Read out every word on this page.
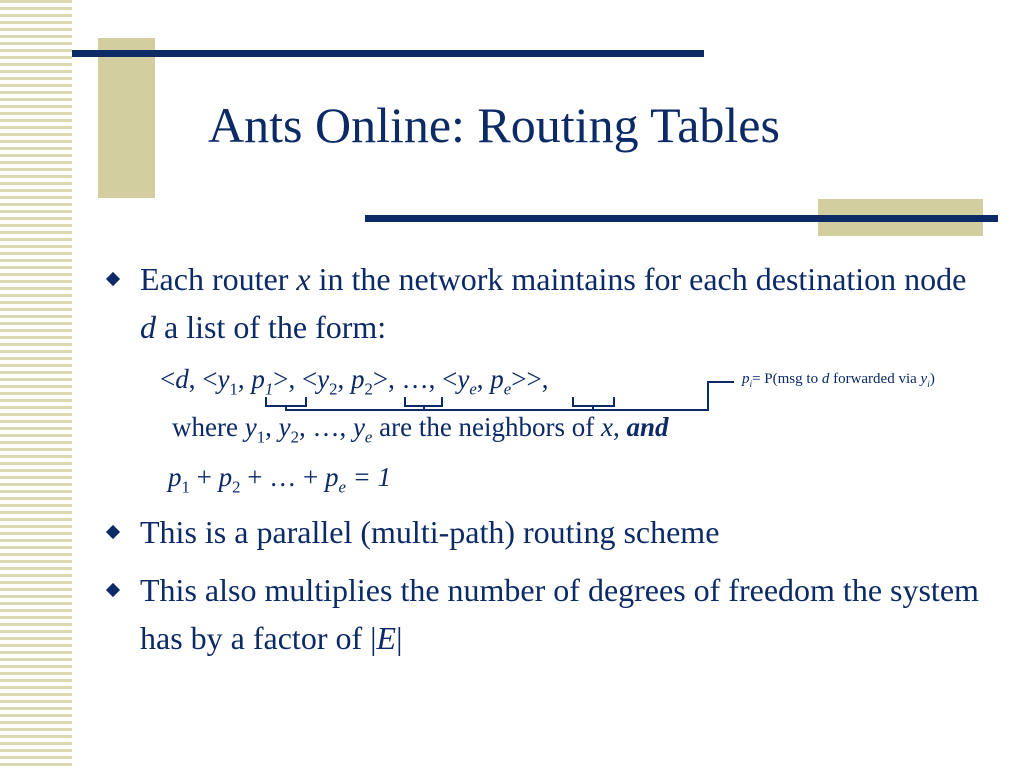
Ants Online: Routing Tables
Each router x in the network maintains for each destination node d a list of the form:
<d, $<y_1$, $p_1>$, $<y_2$, $p_2>$, …, $<y_e$, $p_e>>$,	$p_i= P(msg$ to d forwarded via $y_i$)
where $y_1$, $y_2$, …, $y_e$ are the neighbors of x, and
$p_1 + p_2$ + … + $p_e = 1$
This is a parallel (multi-path) routing scheme
This also multiplies the number of degrees of freedom the system has by a factor of |E|
